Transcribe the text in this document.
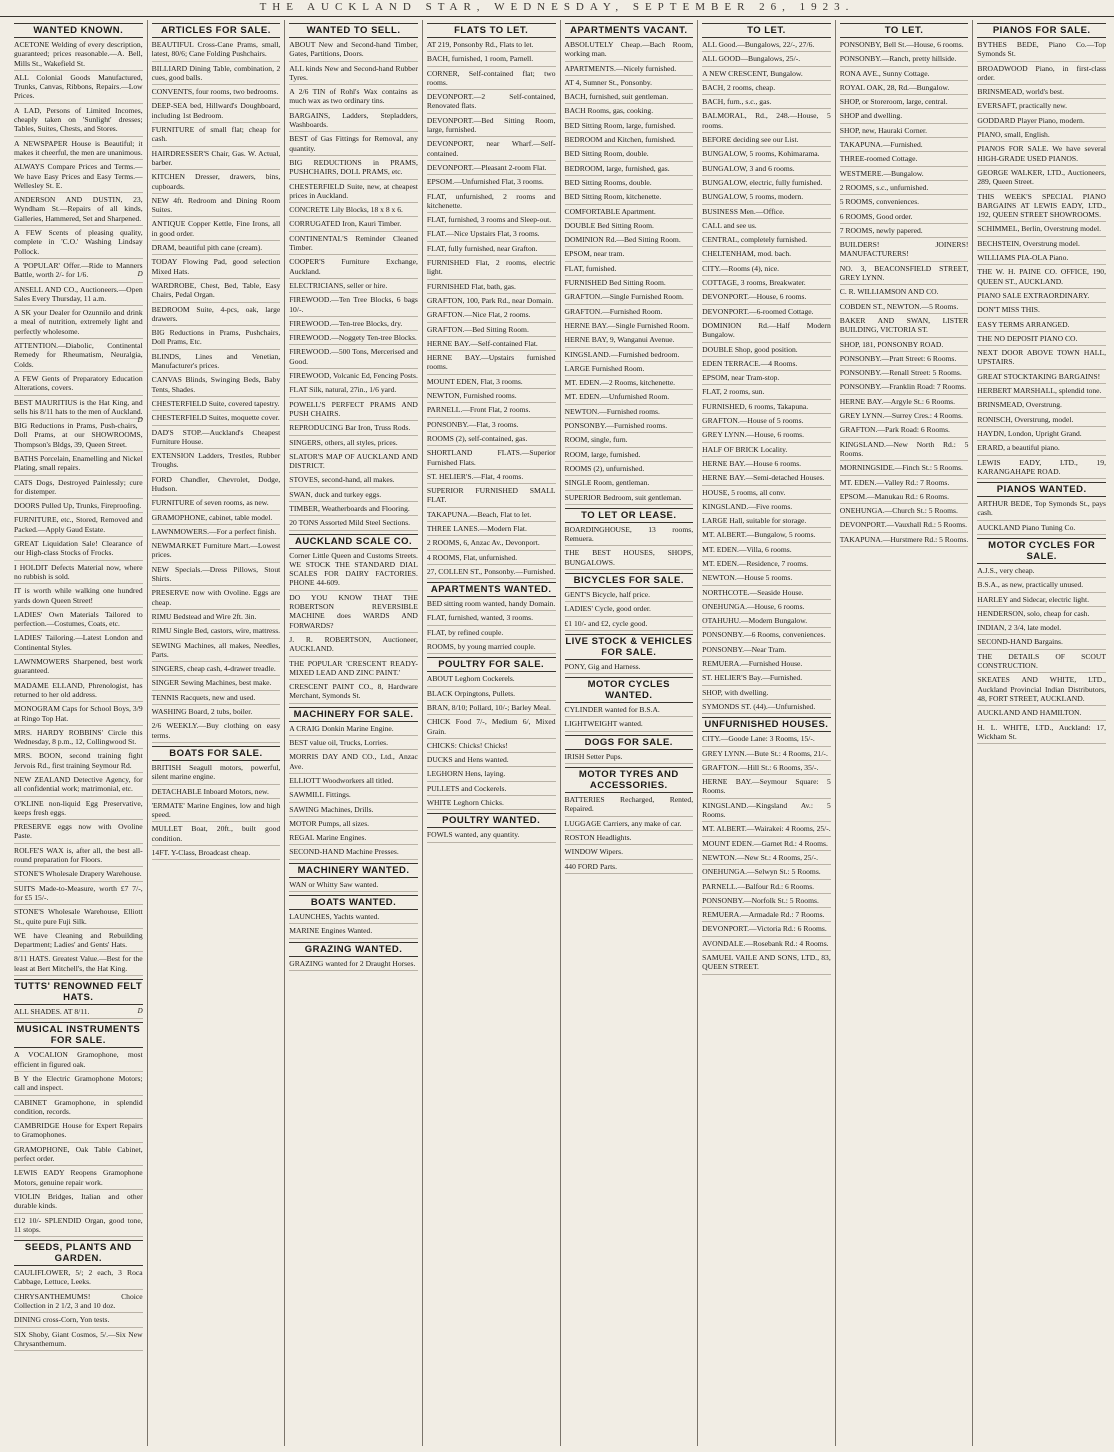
THE AUCKLAND STAR, WEDNESDAY, SEPTEMBER 26, 1923.
WANTED KNOWN.
ACETONE Welding of every description, guaranteed; prices reasonable.—A. Bell, Mills St., Wakefield St.
ALL Colonial Goods Manufactured, Trunks, Canvas, Ribbons, Repairs.—Low Prices.
A LAD, Persons of Limited Incomes, cheaply taken on 'Sunlight' dresses; Tables, Suites, Chests, and Stores.
A NEWSPAPER House is Beautiful; it makes it cheerful, the men are unanimous.
ALWAYS Compare Prices and Terms.—We have Easy Prices and Easy Terms.—Wellesley St. E.
ANDERSON AND DUSTIN, 23, Wyndham St.—Repairs of all kinds, Galleries, Hammered, Set and Sharpened.
A FEW Scents of pleasing quality, complete in 'C.O.' Washing Lindsay Pollock.
A 'POPULAR' Offer.—Ride to Manners Battle, worth 2/- for 1/6.	D
ANSELL AND CO., Auctioneers.—Open Sales Every Thursday, 11 a.m.
A SK your Dealer for Ozunnilo and drink a meal of nutrition, extremely light and perfectly wholesome.
ATTENTION.—Diabolic, Continental Remedy for Rheumatism, Neuralgia, Colds.
A FEW Gents of Preparatory Education Alterations, covers.
BEST MAURITIUS is the Hat King, and sells his 8/11 hats to the men of Auckland.
D
BIG Reductions in Prams, Push-chairs, Doll Prams, at our SHOWROOMS, Thompson's Bldgs, 39, Queen Street.
BATHS Porcelain, Enamelling and Nickel Plating, small repairs.
CATS Dogs, Destroyed Painlessly; cure for distemper.
DOORS Pulled Up, Trunks, Fireproofing.
FURNITURE, etc., Stored, Removed and Packed.—Apply Gaud Estate.
GREAT Liquidation Sale! Clearance of our High-class Stocks of Frocks.
I HOLDIT Defects Material now, where no rubbish is sold.
IT is worth while walking one hundred yards down Queen Street!
LADIES' Own Materials Tailored to perfection.—Costumes, Coats, etc.
LADIES' Tailoring.—Latest London and Continental Styles.
LAWNMOWERS Sharpened, best work guaranteed.
MADAME ELLAND, Phrenologist, has returned to her old address.
MONOGRAM Caps for School Boys, 3/9 at Ringo Top Hat.
MRS. HARDY ROBBINS' Circle this Wednesday, 8 p.m., 12, Collingwood St.
MRS. BOON, second training fight Jervois Rd., first training Seymour Rd.
NEW ZEALAND Detective Agency, for all confidential work; matrimonial, etc.
O'KLINE non-liquid Egg Preservative, keeps fresh eggs.
PRESERVE eggs now with Ovoline Paste.
ROLFE'S WAX is, after all, the best all-round preparation for Floors.
STONE'S Wholesale Drapery Warehouse.
SUITS Made-to-Measure, worth £7 7/-, for £5 15/-.
STONE'S Wholesale Warehouse, Elliott St., quite pure Fuji Silk.
WE have Cleaning and Rebuilding Department; Ladies' and Gents' Hats.
8/11 HATS. Greatest Value.—Best for the least at Bert Mitchell's, the Hat King.
TUTTS' RENOWNED FELT HATS.
ALL SHADES. AT 8/11.	D
MUSICAL INSTRUMENTS FOR SALE.
A VOCALION Gramophone, most efficient in figured oak.
B Y the Electric Gramophone Motors; call and inspect.
CABINET Gramophone, in splendid condition, records.
CAMBRIDGE House for Expert Repairs to Gramophones.
GRAMOPHONE, Oak Table Cabinet, perfect order.
LEWIS EADY Reopens Gramophone Motors, genuine repair work.
VIOLIN Bridges, Italian and other durable kinds.
£12 10/- SPLENDID Organ, good tone, 11 stops.
SEEDS, PLANTS AND GARDEN.
CAULIFLOWER, 5/; 2 each, 3 Roca Cabbage, Lettuce, Leeks.
CHRYSANTHEMUMS! Choice Collection in 2 1/2, 3 and 10 doz.
DINING cross-Corn, Yon tests.
SIX Shoby, Giant Cosmos, 5/.—Six New Chrysanthemum.
ARTICLES FOR SALE.
BEAUTIFUL Cross-Cane Prams, small, latest, 80/6; Cane Folding Pushchairs.
BILLIARD Dining Table, combination, 2 cues, good balls.
CONVENTS, four rooms, two bedrooms.
DEEP-SEA bed, Hillward's Doughboard, including 1st Bedroom.
FURNITURE of small flat; cheap for cash.
HAIRDRESSER'S Chair, Gas. W. Actual, barber.
KITCHEN Dresser, drawers, bins, cupboards.
NEW 4ft. Redroom and Dining Room Suites.
ANTIQUE Copper Kettle, Fine Irons, all in good order.
DRAM, beautiful pith cane (cream).
TODAY Flowing Pad, good selection Mixed Hats.
WARDROBE, Chest, Bed, Table, Easy Chairs, Pedal Organ.
BEDROOM Suite, 4-pcs, oak, large drawers.
BIG Reductions in Prams, Pushchairs, Doll Prams, Etc.
BLINDS, Lines and Venetian, Manufacturer's prices.
CANVAS Blinds, Swinging Beds, Baby Tents, Shades.
CHESTERFIELD Suite, covered tapestry.
CHESTERFIELD Suites, moquette cover.
DAD'S STOP.—Auckland's Cheapest Furniture House.
EXTENSION Ladders, Trestles, Rubber Troughs.
FORD Chandler, Chevrolet, Dodge, Hudson.
FURNITURE of seven rooms, as new.
GRAMOPHONE, cabinet, table model.
LAWNMOWERS.—For a perfect finish.
NEWMARKET Furniture Mart.—Lowest prices.
NEW Specials.—Dress Pillows, Stout Shirts.
PRESERVE now with Ovoline. Eggs are cheap.
RIMU Bedstead and Wire 2ft. 3in.
RIMU Single Bed, castors, wire, mattress.
SEWING Machines, all makes, Needles, Parts.
SINGERS, cheap cash, 4-drawer treadle.
SINGER Sewing Machines, best make.
TENNIS Racquets, new and used.
WASHING Board, 2 tubs, boiler.
2/6 WEEKLY.—Buy clothing on easy terms.
BOATS FOR SALE.
BRITISH Seagull motors, powerful, silent marine engine.
DETACHABLE Inboard Motors, new.
'ERMATE' Marine Engines, low and high speed.
MULLET Boat, 20ft., built good condition.
14FT. Y-Class, Broadcast cheap.
WANTED TO SELL.
ABOUT New and Second-hand Timber, Gates, Partitions, Doors.
ALL kinds New and Second-hand Rubber Tyres.
A 2/6 TIN of Rohl's Wax contains as much wax as two ordinary tins.
BARGAINS, Ladders, Stepladders, Washboards.
BEST of Gas Fittings for Removal, any quantity.
BIG REDUCTIONS in PRAMS, PUSHCHAIRS, DOLL PRAMS, etc.
CHESTERFIELD Suite, new, at cheapest prices in Auckland.
CONCRETE Lily Blocks, 18 x 8 x 6.
CORRUGATED Iron, Kauri Timber.
CONTINENTAL'S Reminder Cleaned Timber.
COOPER'S Furniture Exchange, Auckland.
ELECTRICIANS, seller or hire.
FIREWOOD.—Ten Tree Blocks, 6 bags 10/-.
FIREWOOD.—Ten-tree Blocks, dry.
FIREWOOD.—Noggety Ten-tree Blocks.
FIREWOOD.—500 Tons, Mercerised and Good.
FIREWOOD, Volcanic Ed, Fencing Posts.
FLAT Silk, natural, 27in., 1/6 yard.
POWELL'S PERFECT PRAMS AND PUSH CHAIRS.
REPRODUCING Bar Iron, Truss Rods.
SINGERS, others, all styles, prices.
SLATOR'S MAP OF AUCKLAND AND DISTRICT.
STOVES, second-hand, all makes.
SWAN, duck and turkey eggs.
TIMBER, Weatherboards and Flooring.
20 TONS Assorted Mild Steel Sections.
AUCKLAND SCALE CO.
Corner Little Queen and Customs Streets. WE STOCK THE STANDARD DIAL SCALES FOR DAIRY FACTORIES. PHONE 44-609.
DO YOU KNOW THAT THE ROBERTSON REVERSIBLE MACHINE does WARDS AND FORWARDS?
J. R. ROBERTSON, Auctioneer, AUCKLAND.
THE POPULAR 'CRESCENT READY-MIXED LEAD AND ZINC PAINT.'
CRESCENT PAINT CO., 8, Hardware Merchant, Symonds St.
MACHINERY FOR SALE.
A CRAIG Donkin Marine Engine.
BEST value oil, Trucks, Lorries.
MORRIS DAY AND CO., Ltd., Anzac Ave.
ELLIOTT Woodworkers all titled.
SAWMILL Fittings.
SAWING Machines, Drills.
MOTOR Pumps, all sizes.
REGAL Marine Engines.
SECOND-HAND Machine Presses.
MACHINERY WANTED.
WAN or Whitty Saw wanted.
BOATS WANTED.
LAUNCHES, Yachts wanted.
MARINE Engines Wanted.
GRAZING WANTED.
GRAZING wanted for 2 Draught Horses.
FLATS TO LET.
AT 219, Ponsonby Rd., Flats to let.
BACH, furnished, 1 room, Parnell.
CORNER, Self-contained flat; two rooms.
DEVONPORT.—2 Self-contained, Renovated flats.
DEVONPORT.—Bed Sitting Room, large, furnished.
DEVONPORT, near Wharf.—Self-contained.
DEVONPORT.—Pleasant 2-room Flat.
EPSOM.—Unfurnished Flat, 3 rooms.
FLAT, unfurnished, 2 rooms and kitchenette.
FLAT, furnished, 3 rooms and Sleep-out.
FLAT.—Nice Upstairs Flat, 3 rooms.
FLAT, fully furnished, near Grafton.
FURNISHED Flat, 2 rooms, electric light.
FURNISHED Flat, bath, gas.
GRAFTON, 100, Park Rd., near Domain.
GRAFTON.—Nice Flat, 2 rooms.
GRAFTON.—Bed Sitting Room.
HERNE BAY.—Self-contained Flat.
HERNE BAY.—Upstairs furnished rooms.
MOUNT EDEN, Flat, 3 rooms.
NEWTON, Furnished rooms.
PARNELL.—Front Flat, 2 rooms.
PONSONBY.—Flat, 3 rooms.
ROOMS (2), self-contained, gas.
SHORTLAND FLATS.—Superior Furnished Flats.
ST. HELIER'S.—Flat, 4 rooms.
SUPERIOR FURNISHED SMALL FLAT.
TAKAPUNA.—Beach, Flat to let.
THREE LANES.—Modern Flat.
2 ROOMS, 6, Anzac Av., Devonport.
4 ROOMS, Flat, unfurnished.
27, COLLEN ST., Ponsonby.—Furnished.
APARTMENTS WANTED.
BED sitting room wanted, handy Domain.
FLAT, furnished, wanted, 3 rooms.
FLAT, by refined couple.
ROOMS, by young married couple.
POULTRY FOR SALE.
ABOUT Leghorn Cockerels.
BLACK Orpingtons, Pullets.
BRAN, 8/10; Pollard, 10/-; Barley Meal.
CHICK Food 7/-, Medium 6/, Mixed Grain.
CHICKS: Chicks! Chicks!
DUCKS and Hens wanted.
LEGHORN Hens, laying.
PULLETS and Cockerels.
WHITE Leghorn Chicks.
POULTRY WANTED.
FOWLS wanted, any quantity.
APARTMENTS VACANT.
ABSOLUTELY Cheap.—Bach Room, working man.
APARTMENTS.—Nicely furnished.
AT 4, Sumner St., Ponsonby.
BACH, furnished, suit gentleman.
BACH Rooms, gas, cooking.
BED Sitting Room, large, furnished.
BEDROOM and Kitchen, furnished.
BED Sitting Room, double.
BEDROOM, large, furnished, gas.
BED Sitting Rooms, double.
BED Sitting Room, kitchenette.
COMFORTABLE Apartment.
DOUBLE Bed Sitting Room.
DOMINION Rd.—Bed Sitting Room.
EPSOM, near tram.
FLAT, furnished.
FURNISHED Bed Sitting Room.
GRAFTON.—Single Furnished Room.
GRAFTON.—Furnished Room.
HERNE BAY.—Single Furnished Room.
HERNE BAY, 9, Wanganui Avenue.
KINGSLAND.—Furnished bedroom.
LARGE Furnished Room.
MT. EDEN.—2 Rooms, kitchenette.
MT. EDEN.—Unfurnished Room.
NEWTON.—Furnished rooms.
PONSONBY.—Furnished rooms.
ROOM, single, furn.
ROOM, large, furnished.
ROOMS (2), unfurnished.
SINGLE Room, gentleman.
SUPERIOR Bedroom, suit gentleman.
TO LET OR LEASE.
BOARDINGHOUSE, 13 rooms, Remuera.
THE BEST HOUSES, SHOPS, BUNGALOWS.
BICYCLES FOR SALE.
GENT'S Bicycle, half price.
LADIES' Cycle, good order.
£1 10/- and £2, cycle good.
LIVE STOCK & VEHICLES FOR SALE.
PONY, Gig and Harness.
MOTOR CYCLES WANTED.
CYLINDER wanted for B.S.A.
LIGHTWEIGHT wanted.
DOGS FOR SALE.
IRISH Setter Pups.
MOTOR TYRES AND ACCESSORIES.
BATTERIES Recharged, Rented, Repaired.
LUGGAGE Carriers, any make of car.
ROSTON Headlights.
WINDOW Wipers.
440 FORD Parts.
TO LET.
ALL Good.—Bungalows, 22/-, 27/6.
ALL GOOD—Bungalows, 25/-.
A NEW CRESCENT, Bungalow.
BACH, 2 rooms, cheap.
BACH, furn., s.c., gas.
BALMORAL, Rd., 248.—House, 5 rooms.
BEFORE deciding see our List.
BUNGALOW, 5 rooms, Kohimarama.
BUNGALOW, 3 and 6 rooms.
BUNGALOW, electric, fully furnished.
BUNGALOW, 5 rooms, modern.
BUSINESS Men.—Office.
CALL and see us.
CENTRAL, completely furnished.
CHELTENHAM, mod. bach.
CITY.—Rooms (4), nice.
COTTAGE, 3 rooms, Breakwater.
DEVONPORT.—House, 6 rooms.
DEVONPORT.—6-roomed Cottage.
DOMINION Rd.—Half Modern Bungalow.
DOUBLE Shop, good position.
EDEN TERRACE.—4 Rooms.
EPSOM, near Tram-stop.
FLAT, 2 rooms, sun.
FURNISHED, 6 rooms, Takapuna.
GRAFTON.—House of 5 rooms.
GREY LYNN.—House, 6 rooms.
HALF OF BRICK Locality.
HERNE BAY.—House 6 rooms.
HERNE BAY.—Semi-detached Houses.
HOUSE, 5 rooms, all conv.
KINGSLAND.—Five rooms.
LARGE Hall, suitable for storage.
MT. ALBERT.—Bungalow, 5 rooms.
MT. EDEN.—Villa, 6 rooms.
MT. EDEN.—Residence, 7 rooms.
NEWTON.—House 5 rooms.
NORTHCOTE.—Seaside House.
ONEHUNGA.—House, 6 rooms.
OTAHUHU.—Modern Bungalow.
PONSONBY.—6 Rooms, conveniences.
PONSONBY.—Near Tram.
REMUERA.—Furnished House.
ST. HELIER'S Bay.—Furnished.
SHOP, with dwelling.
SYMONDS ST. (44).—Unfurnished.
UNFURNISHED HOUSES.
CITY.—Goode Lane: 3 Rooms, 15/-.
GREY LYNN.—Bute St.: 4 Rooms, 21/-.
GRAFTON.—Hill St.: 6 Rooms, 35/-.
HERNE BAY.—Seymour Square: 5 Rooms.
KINGSLAND.—Kingsland Av.: 5 Rooms.
MT. ALBERT.—Wairakei: 4 Rooms, 25/-.
MOUNT EDEN.—Garnet Rd.: 4 Rooms.
NEWTON.—New St.: 4 Rooms, 25/-.
ONEHUNGA.—Selwyn St.: 5 Rooms.
PARNELL.—Balfour Rd.: 6 Rooms.
PONSONBY.—Norfolk St.: 5 Rooms.
REMUERA.—Armadale Rd.: 7 Rooms.
DEVONPORT.—Victoria Rd.: 6 Rooms.
AVONDALE.—Rosebank Rd.: 4 Rooms.
SAMUEL VAILE AND SONS, LTD., 83, QUEEN STREET.
TO LET.
PONSONBY, Bell St.—House, 6 rooms.
PONSONBY.—Ranch, pretty hillside.
RONA AVE., Sunny Cottage.
ROYAL OAK, 28, Rd.—Bungalow.
SHOP, or Storeroom, large, central.
SHOP and dwelling.
SHOP, new, Hauraki Corner.
TAKAPUNA.—Furnished.
THREE-roomed Cottage.
WESTMERE.—Bungalow.
2 ROOMS, s.c., unfurnished.
5 ROOMS, conveniences.
6 ROOMS, Good order.
7 ROOMS, newly papered.
BUILDERS! JOINERS! MANUFACTURERS!
NO. 3, BEACONSFIELD STREET, GREY LYNN.
C. R. WILLIAMSON AND CO.
COBDEN ST., NEWTON.—5 Rooms.
BAKER AND SWAN, LISTER BUILDING, VICTORIA ST.
SHOP, 181, PONSONBY ROAD.
PONSONBY.—Pratt Street: 6 Rooms.
PONSONBY.—Renall Street: 5 Rooms.
PONSONBY.—Franklin Road: 7 Rooms.
HERNE BAY.—Argyle St.: 6 Rooms.
GREY LYNN.—Surrey Cres.: 4 Rooms.
GRAFTON.—Park Road: 6 Rooms.
KINGSLAND.—New North Rd.: 5 Rooms.
MORNINGSIDE.—Finch St.: 5 Rooms.
MT. EDEN.—Valley Rd.: 7 Rooms.
EPSOM.—Manukau Rd.: 6 Rooms.
ONEHUNGA.—Church St.: 5 Rooms.
DEVONPORT.—Vauxhall Rd.: 5 Rooms.
TAKAPUNA.—Hurstmere Rd.: 5 Rooms.
PIANOS FOR SALE.
BYTHES BEDE, Piano Co.—Top Symonds St.
BROADWOOD Piano, in first-class order.
BRINSMEAD, world's best.
EVERSAFT, practically new.
GODDARD Player Piano, modern.
PIANO, small, English.
PIANOS FOR SALE. We have several HIGH-GRADE USED PIANOS.
GEORGE WALKER, LTD., Auctioneers, 289, Queen Street.
THIS WEEK'S SPECIAL PIANO BARGAINS AT LEWIS EADY, LTD., 192, QUEEN STREET SHOWROOMS.
SCHIMMEL, Berlin, Overstrung model.
BECHSTEIN, Overstrung model.
WILLIAMS PIA-OLA Piano.
THE W. H. PAINE CO. OFFICE, 190, QUEEN ST., AUCKLAND.
PIANO SALE EXTRAORDINARY.
DON'T MISS THIS.
EASY TERMS ARRANGED.
THE NO DEPOSIT PIANO CO.
NEXT DOOR ABOVE TOWN HALL, UPSTAIRS.
GREAT STOCKTAKING BARGAINS!
HERBERT MARSHALL, splendid tone.
BRINSMEAD, Overstrung.
RONISCH, Overstrung, model.
HAYDN, London, Upright Grand.
ERARD, a beautiful piano.
LEWIS EADY, LTD., 19, KARANGAHAPE ROAD.
PIANOS WANTED.
ARTHUR BEDE, Top Symonds St., pays cash.
AUCKLAND Piano Tuning Co.
MOTOR CYCLES FOR SALE.
A.J.S., very cheap.
B.S.A., as new, practically unused.
HARLEY and Sidecar, electric light.
HENDERSON, solo, cheap for cash.
INDIAN, 2 3/4, late model.
SECOND-HAND Bargains.
THE DETAILS OF SCOUT CONSTRUCTION.
SKEATES AND WHITE, LTD., Auckland Provincial Indian Distributors, 48, FORT STREET, AUCKLAND.
AUCKLAND AND HAMILTON.
H. L. WHITE, LTD., Auckland: 17, Wickham St.
